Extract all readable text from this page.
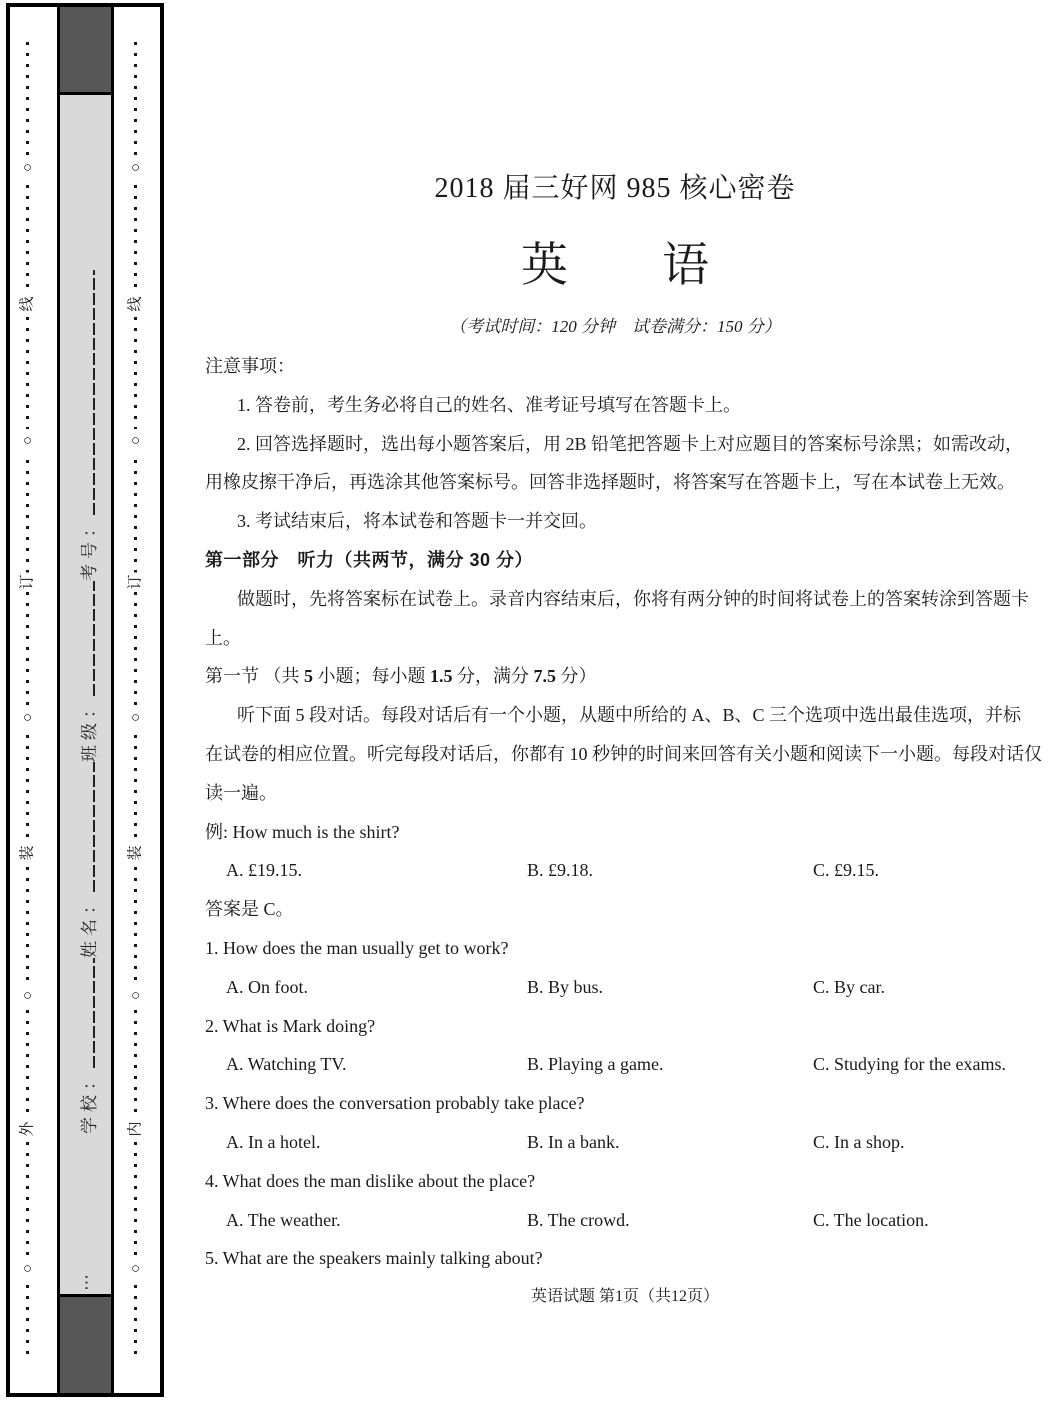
⋯
学校：
姓名：
班级：
考号：
○
线
○
订
○
装
○
外
○
○
线
○
订
○
装
○
内
○
2018 届三好网 985 核心密卷
英　　语
（考试时间：120 分钟　试卷满分：150 分）
注意事项：
1. 答卷前，考生务必将自己的姓名、准考证号填写在答题卡上。
2. 回答选择题时，选出每小题答案后，用 2B 铅笔把答题卡上对应题目的答案标号涂黑；如需改动，
用橡皮擦干净后，再选涂其他答案标号。回答非选择题时，将答案写在答题卡上，写在本试卷上无效。
3. 考试结束后，将本试卷和答题卡一并交回。
第一部分　听力（共两节，满分 30 分）
做题时，先将答案标在试卷上。录音内容结束后，你将有两分钟的时间将试卷上的答案转涂到答题卡
上。
第一节 （共 5 小题；每小题 1.5 分，满分 7.5 分）
听下面 5 段对话。每段对话后有一个小题，从题中所给的 A、B、C 三个选项中选出最佳选项，并标
在试卷的相应位置。听完每段对话后，你都有 10 秒钟的时间来回答有关小题和阅读下一小题。每段对话仅
读一遍。
例: How much is the shirt?
A. £19.15.	B. £9.18.	C. £9.15.
答案是 C。
1. How does the man usually get to work?
A. On foot.	B. By bus.	C. By car.
2. What is Mark doing?
A. Watching TV.	B. Playing a game.	C. Studying for the exams.
3. Where does the conversation probably take place?
A. In a hotel.	B. In a bank.	C. In a shop.
4. What does the man dislike about the place?
A. The weather.	B. The crowd.	C. The location.
5. What are the speakers mainly talking about?
英语试题 第1页（共12页）
